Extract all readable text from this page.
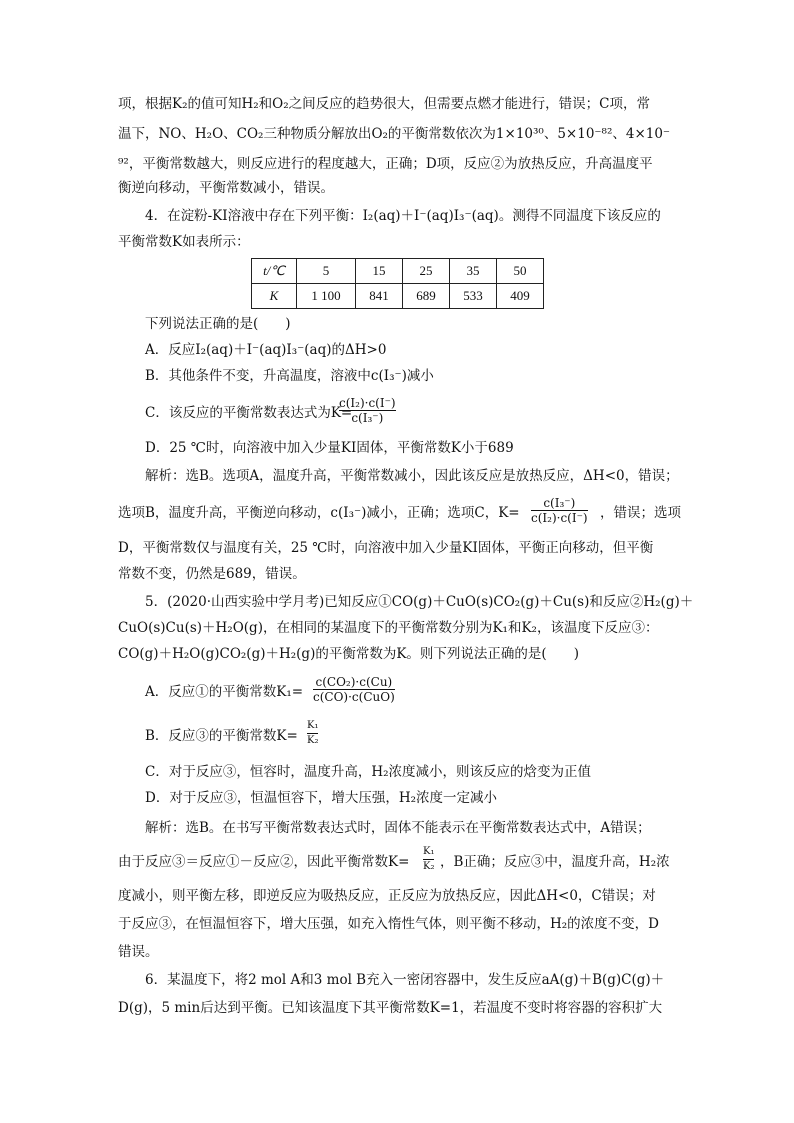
项，根据K₂的值可知H₂和O₂之间反应的趋势很大，但需要点燃才能进行，错误；C项，常
温下，NO、H₂O、CO₂三种物质分解放出O₂的平衡常数依次为1×10³⁰、5×10⁻⁸²、4×10⁻
⁹²，平衡常数越大，则反应进行的程度越大，正确；D项，反应②为放热反应，升高温度平
衡逆向移动，平衡常数减小，错误。
4．在淀粉-KI溶液中存在下列平衡：I₂(aq)＋I⁻(aq)I₃⁻(aq)。测得不同温度下该反应的
平衡常数K如表所示：
t/℃	5	15	25	35	50
K	1 100	841	689	533	409
下列说法正确的是(　　)
A．反应I₂(aq)＋I⁻(aq)I₃⁻(aq)的ΔH>0
B．其他条件不变，升高温度，溶液中c(I₃⁻)减小
C．该反应的平衡常数表达式为K=
$\frac{\text{c(I₂)·c(I⁻)}}{\text{c(I₃⁻)}}$
D．25 ℃时，向溶液中加入少量KI固体，平衡常数K小于689
解析：选B。选项A，温度升高，平衡常数减小，因此该反应是放热反应，ΔH<0，错误；
选项B，温度升高，平衡逆向移动，c(I₃⁻)减小，正确；选项C，$K= \frac{\text{c(I₃⁻)}}{\text{c(I₂)·c(I⁻)}}$ ，错误；选项
D，平衡常数仅与温度有关，25 ℃时，向溶液中加入少量KI固体，平衡正向移动，但平衡
常数不变，仍然是689，错误。
5．(2020·山西实验中学月考)已知反应①CO(g)＋CuO(s)CO₂(g)＋Cu(s)和反应②H₂(g)＋
CuO(s)Cu(s)＋H₂O(g)，在相同的某温度下的平衡常数分别为K₁和K₂，该温度下反应③：
CO(g)＋H₂O(g)CO₂(g)＋H₂(g)的平衡常数为K。则下列说法正确的是(　　)
A．反应①的平衡常数K₁=
c(CO₂)·c(Cu)
c(CO)·c(CuO)
B．反应③的平衡常数$K= \frac{\text{K₁}}{\text{K₂}}$
C．对于反应③，恒容时，温度升高，H₂浓度减小，则该反应的焓变为正值
D．对于反应③，恒温恒容下，增大压强，H₂浓度一定减小
解析：选B。在书写平衡常数表达式时，固体不能表示在平衡常数表达式中，A错误；
由于反应③＝反应①－反应②，因此平衡常数$K= \frac{\text{K₁}}{\text{K₂}}$ ，B正确；反应③中，温度升高，H₂浓
度减小，则平衡左移，即逆反应为吸热反应，正反应为放热反应，因此ΔH<0，C错误；对
于反应③，在恒温恒容下，增大压强，如充入惰性气体，则平衡不移动，H₂的浓度不变，D
错误。
6．某温度下，将2 mol A和3 mol B充入一密闭容器中，发生反应aA(g)＋B(g)C(g)＋
D(g)，5 min后达到平衡。已知该温度下其平衡常数K=1，若温度不变时将容器的容积扩大
